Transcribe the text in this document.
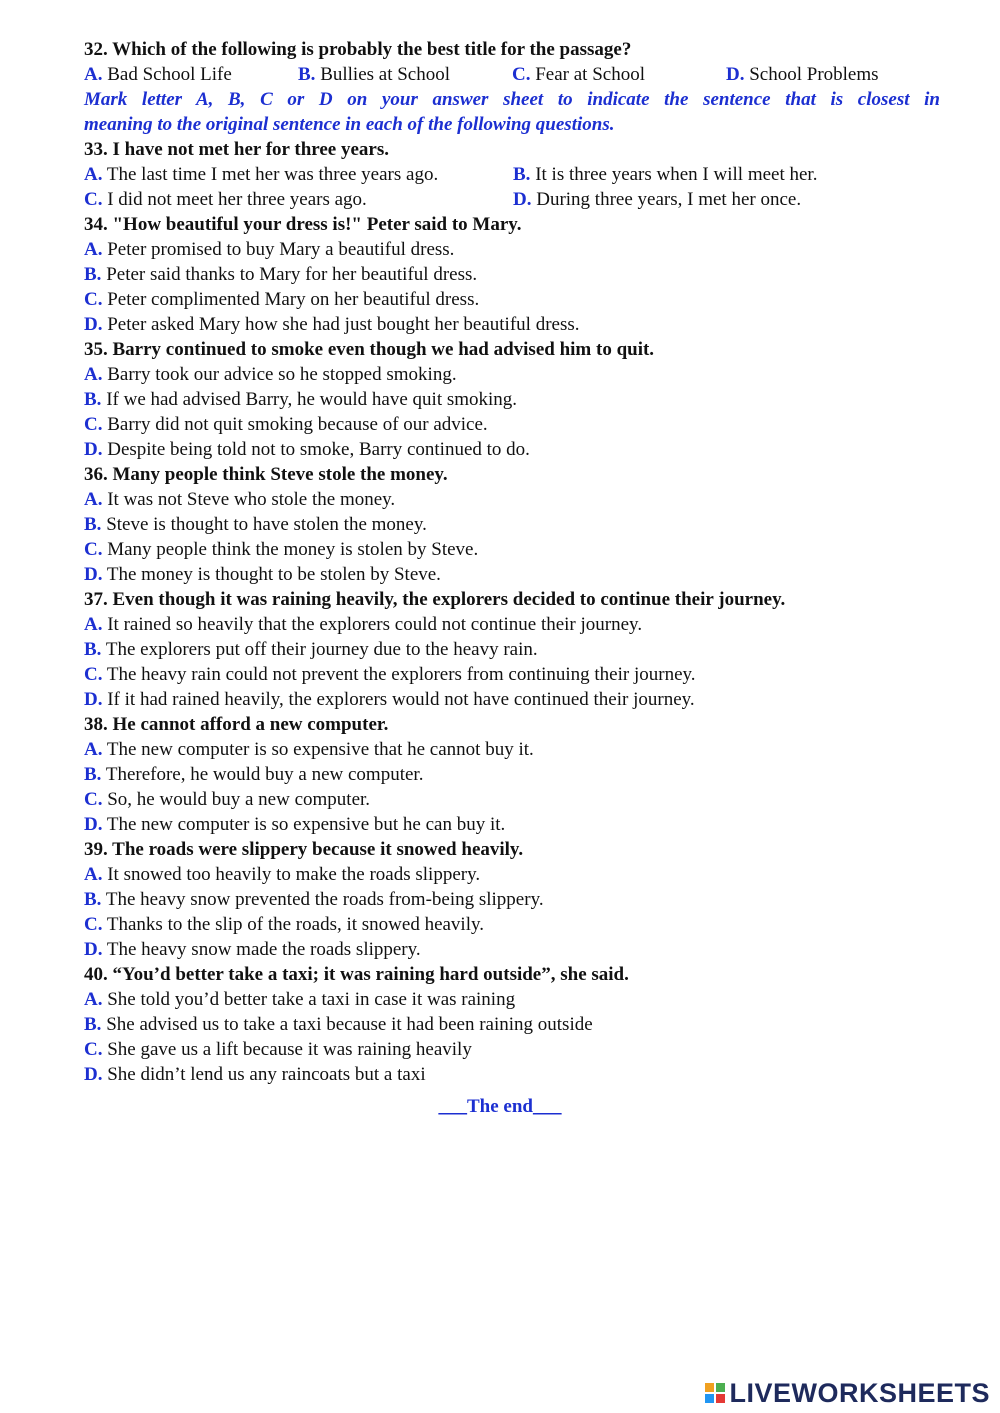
32. Which of the following is probably the best title for the passage?
A. Bad School Life	B. Bullies at School	C. Fear at School	D. School Problems
Mark letter A, B, C or D on your answer sheet to indicate the sentence that is closest in
meaning to the original sentence in each of the following questions.
33. I have not met her for three years.
A. The last time I met her was three years ago.	B. It is three years when I will meet her.
C. I did not meet her three years ago.	D. During three years, I met her once.
34. "How beautiful your dress is!" Peter said to Mary.
A. Peter promised to buy Mary a beautiful dress.
B. Peter said thanks to Mary for her beautiful dress.
C. Peter complimented Mary on her beautiful dress.
D. Peter asked Mary how she had just bought her beautiful dress.
35. Barry continued to smoke even though we had advised him to quit.
A. Barry took our advice so he stopped smoking.
B. If we had advised Barry, he would have quit smoking.
C. Barry did not quit smoking because of our advice.
D. Despite being told not to smoke, Barry continued to do.
36. Many people think Steve stole the money.
A. It was not Steve who stole the money.
B. Steve is thought to have stolen the money.
C. Many people think the money is stolen by Steve.
D. The money is thought to be stolen by Steve.
37. Even though it was raining heavily, the explorers decided to continue their journey.
A. It rained so heavily that the explorers could not continue their journey.
B. The explorers put off their journey due to the heavy rain.
C. The heavy rain could not prevent the explorers from continuing their journey.
D. If it had rained heavily, the explorers would not have continued their journey.
38. He cannot afford a new computer.
A. The new computer is so expensive that he cannot buy it.
B. Therefore, he would buy a new computer.
C. So, he would buy a new computer.
D. The new computer is so expensive but he can buy it.
39. The roads were slippery because it snowed heavily.
A. It snowed too heavily to make the roads slippery.
B. The heavy snow prevented the roads from-being slippery.
C. Thanks to the slip of the roads, it snowed heavily.
D. The heavy snow made the roads slippery.
40. “You’d better take a taxi; it was raining hard outside”, she said.
A. She told you’d better take a taxi in case it was raining
B. She advised us to take a taxi because it had been raining outside
C. She gave us a lift because it was raining heavily
D. She didn’t lend us any raincoats but a taxi
___The end___
LIVEWORKSHEETS
